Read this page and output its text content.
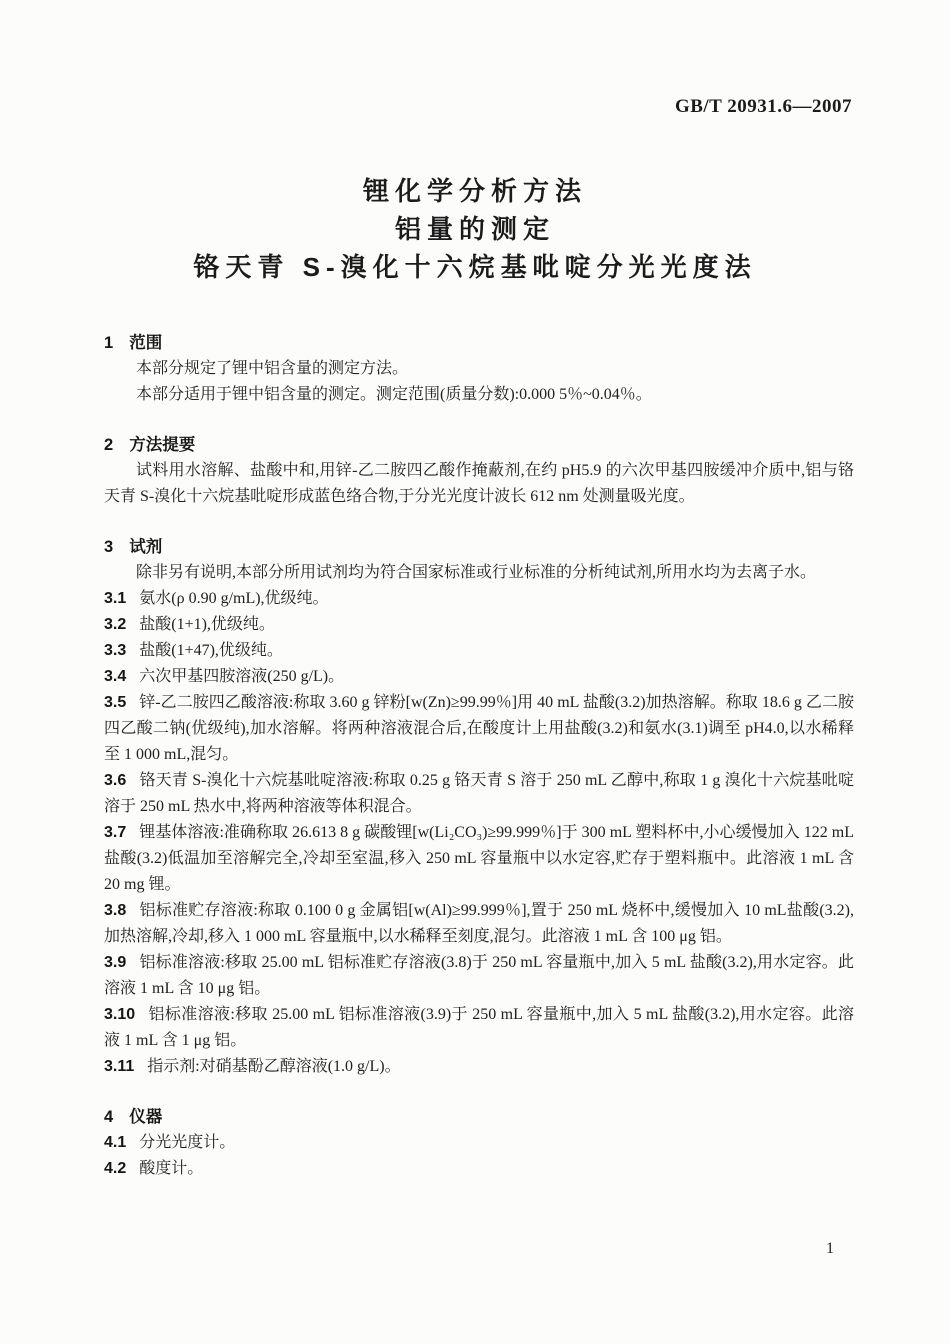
GB/T 20931.6—2007
锂化学分析方法
铝量的测定
铬天青 S-溴化十六烷基吡啶分光光度法
1 范围

本部分规定了锂中铝含量的测定方法。

本部分适用于锂中铝含量的测定。测定范围(质量分数):0.000 5％~0.04％。

2 方法提要

试料用水溶解、盐酸中和,用锌-乙二胺四乙酸作掩蔽剂,在约 pH5.9 的六次甲基四胺缓冲介质中,铝与铬天青 S-溴化十六烷基吡啶形成蓝色络合物,于分光光度计波长 612 nm 处测量吸光度。

3 试剂

除非另有说明,本部分所用试剂均为符合国家标准或行业标准的分析纯试剂,所用水均为去离子水。

3.1 氨水(ρ 0.90 g/mL),优级纯。

3.2 盐酸(1+1),优级纯。

3.3 盐酸(1+47),优级纯。

3.4 六次甲基四胺溶液(250 g/L)。

3.5 锌-乙二胺四乙酸溶液:称取 3.60 g 锌粉[w(Zn)≥99.99％]用 40 mL 盐酸(3.2)加热溶解。称取 18.6 g 乙二胺四乙酸二钠(优级纯),加水溶解。将两种溶液混合后,在酸度计上用盐酸(3.2)和氨水(3.1)调至 pH4.0,以水稀释至 1 000 mL,混匀。

3.6 铬天青 S-溴化十六烷基吡啶溶液:称取 0.25 g 铬天青 S 溶于 250 mL 乙醇中,称取 1 g 溴化十六烷基吡啶溶于 250 mL 热水中,将两种溶液等体积混合。

3.7 锂基体溶液:准确称取 26.613 8 g 碳酸锂[w(Li₂CO₃)≥99.999％]于 300 mL 塑料杯中,小心缓慢加入 122 mL 盐酸(3.2)低温加至溶解完全,冷却至室温,移入 250 mL 容量瓶中以水定容,贮存于塑料瓶中。此溶液 1 mL 含 20 mg 锂。

3.8 铝标准贮存溶液:称取 0.100 0 g 金属铝[w(Al)≥99.999％],置于 250 mL 烧杯中,缓慢加入 10 mL盐酸(3.2),加热溶解,冷却,移入 1 000 mL 容量瓶中,以水稀释至刻度,混匀。此溶液 1 mL 含 100 μg 铝。

3.9 铝标准溶液:移取 25.00 mL 铝标准贮存溶液(3.8)于 250 mL 容量瓶中,加入 5 mL 盐酸(3.2),用水定容。此溶液 1 mL 含 10 μg 铝。

3.10 铝标准溶液:移取 25.00 mL 铝标准溶液(3.9)于 250 mL 容量瓶中,加入 5 mL 盐酸(3.2),用水定容。此溶液 1 mL 含 1 μg 铝。

3.11 指示剂:对硝基酚乙醇溶液(1.0 g/L)。

4 仪器

4.1 分光光度计。

4.2 酸度计。

1
